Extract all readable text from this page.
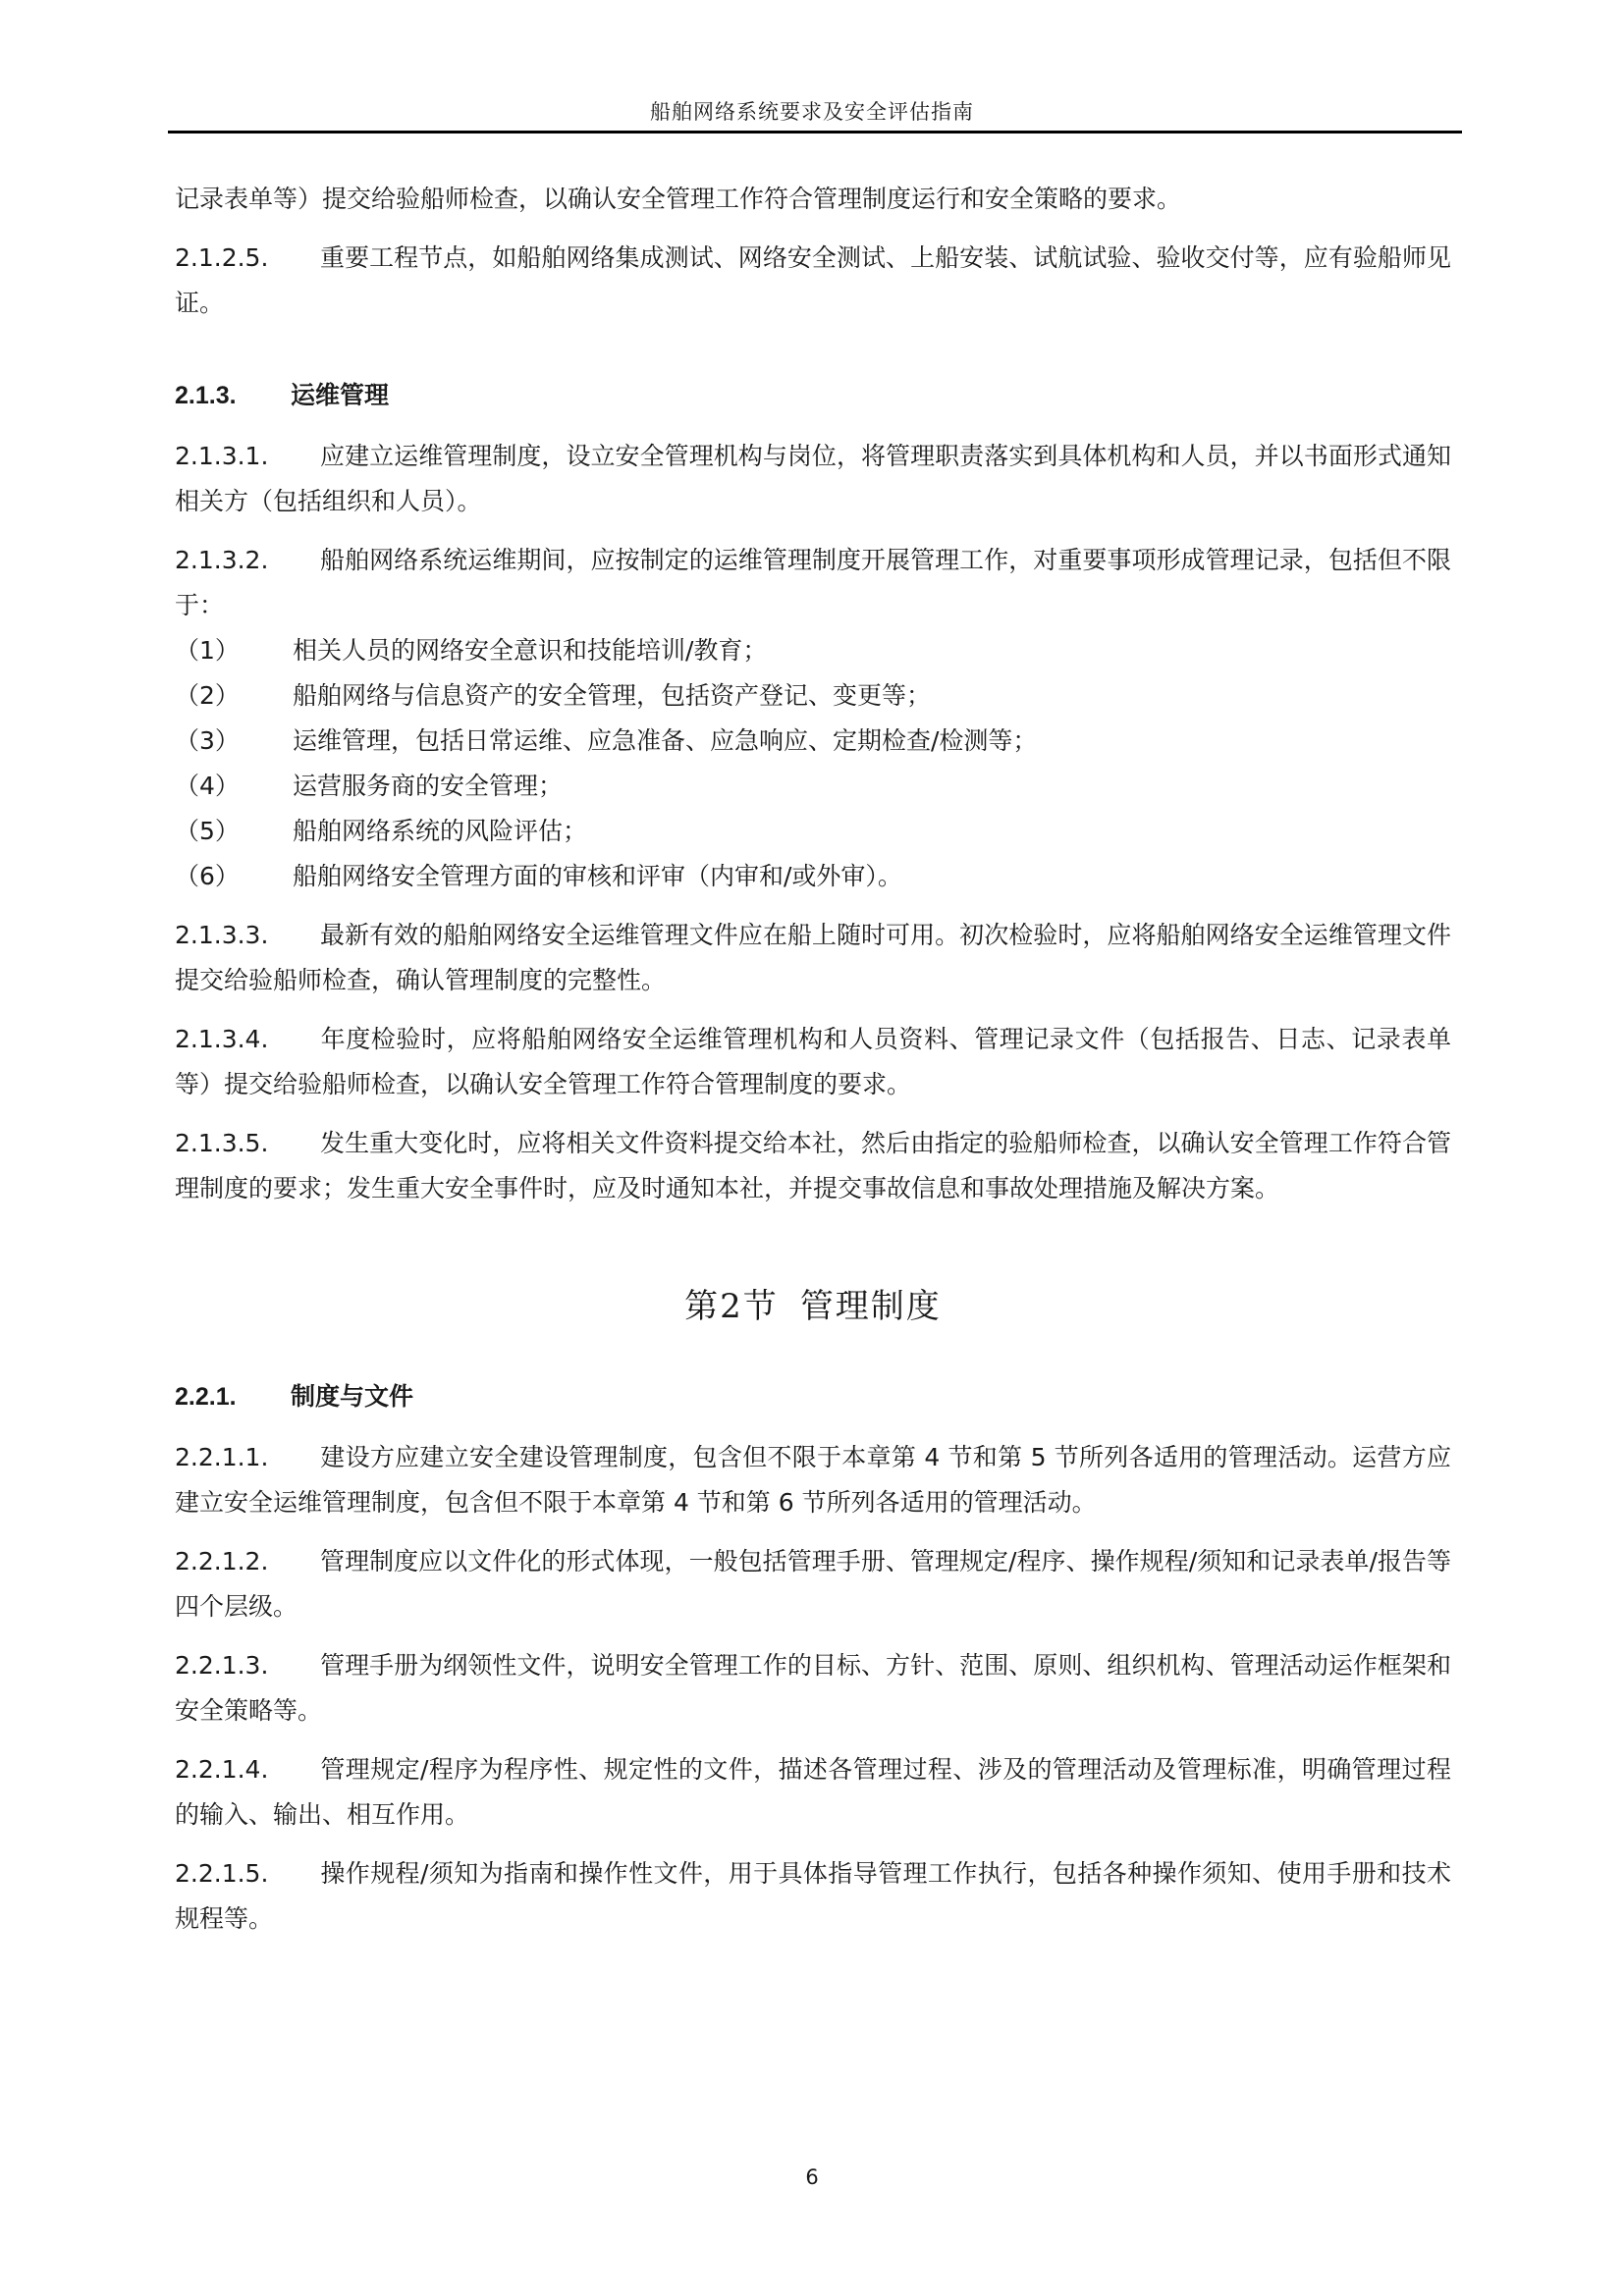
船舶网络系统要求及安全评估指南

记录表单等）提交给验船师检查，以确认安全管理工作符合管理制度运行和安全策略的要求。

2.1.2.5. 重要工程节点，如船舶网络集成测试、网络安全测试、上船安装、试航试验、验收交付等，应有验船师见证。

2.1.3. 运维管理

2.1.3.1. 应建立运维管理制度，设立安全管理机构与岗位，将管理职责落实到具体机构和人员，并以书面形式通知相关方（包括组织和人员）。

2.1.3.2. 船舶网络系统运维期间，应按制定的运维管理制度开展管理工作，对重要事项形成管理记录，包括但不限于：

（1） 相关人员的网络安全意识和技能培训/教育；

（2） 船舶网络与信息资产的安全管理，包括资产登记、变更等；

（3） 运维管理，包括日常运维、应急准备、应急响应、定期检查/检测等；

（4） 运营服务商的安全管理；

（5） 船舶网络系统的风险评估；

（6） 船舶网络安全管理方面的审核和评审（内审和/或外审）。

2.1.3.3. 最新有效的船舶网络安全运维管理文件应在船上随时可用。初次检验时，应将船舶网络安全运维管理文件提交给验船师检查，确认管理制度的完整性。

2.1.3.4. 年度检验时，应将船舶网络安全运维管理机构和人员资料、管理记录文件（包括报告、日志、记录表单等）提交给验船师检查，以确认安全管理工作符合管理制度的要求。

2.1.3.5. 发生重大变化时，应将相关文件资料提交给本社，然后由指定的验船师检查，以确认安全管理工作符合管理制度的要求；发生重大安全事件时，应及时通知本社，并提交事故信息和事故处理措施及解决方案。

第2节 管理制度

2.2.1. 制度与文件

2.2.1.1. 建设方应建立安全建设管理制度，包含但不限于本章第 4 节和第 5 节所列各适用的管理活动。运营方应建立安全运维管理制度，包含但不限于本章第 4 节和第 6 节所列各适用的管理活动。

2.2.1.2. 管理制度应以文件化的形式体现，一般包括管理手册、管理规定/程序、操作规程/须知和记录表单/报告等四个层级。

2.2.1.3. 管理手册为纲领性文件，说明安全管理工作的目标、方针、范围、原则、组织机构、管理活动运作框架和安全策略等。

2.2.1.4. 管理规定/程序为程序性、规定性的文件，描述各管理过程、涉及的管理活动及管理标准，明确管理过程的输入、输出、相互作用。

2.2.1.5. 操作规程/须知为指南和操作性文件，用于具体指导管理工作执行，包括各种操作须知、使用手册和技术规程等。

6
